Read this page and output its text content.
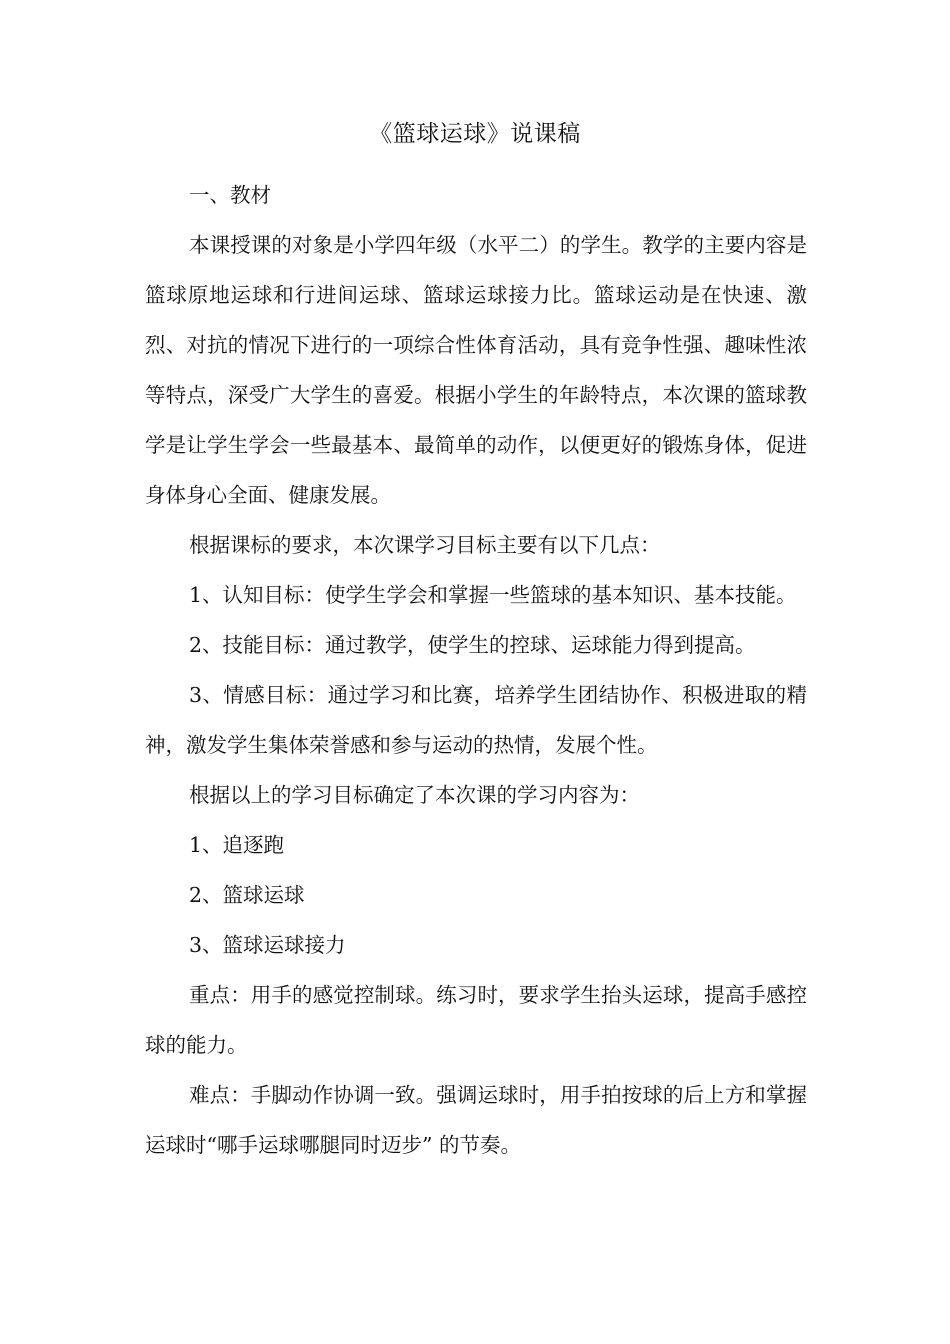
《篮球运球》说课稿

一、教材

本课授课的对象是小学四年级（水平二）的学生。教学的主要内容是篮球原地运球和行进间运球、篮球运球接力比。篮球运动是在快速、激烈、对抗的情况下进行的一项综合性体育活动，具有竞争性强、趣味性浓等特点，深受广大学生的喜爱。根据小学生的年龄特点，本次课的篮球教学是让学生学会一些最基本、最简单的动作，以便更好的锻炼身体，促进身体身心全面、健康发展。

根据课标的要求，本次课学习目标主要有以下几点：

1、认知目标：使学生学会和掌握一些篮球的基本知识、基本技能。

2、技能目标：通过教学，使学生的控球、运球能力得到提高。

3、情感目标：通过学习和比赛，培养学生团结协作、积极进取的精神，激发学生集体荣誉感和参与运动的热情，发展个性。

根据以上的学习目标确定了本次课的学习内容为：

1、追逐跑

2、篮球运球

3、篮球运球接力

重点：用手的感觉控制球。练习时，要求学生抬头运球，提高手感控球的能力。

难点：手脚动作协调一致。强调运球时，用手拍按球的后上方和掌握运球时“哪手运球哪腿同时迈步” 的节奏。
